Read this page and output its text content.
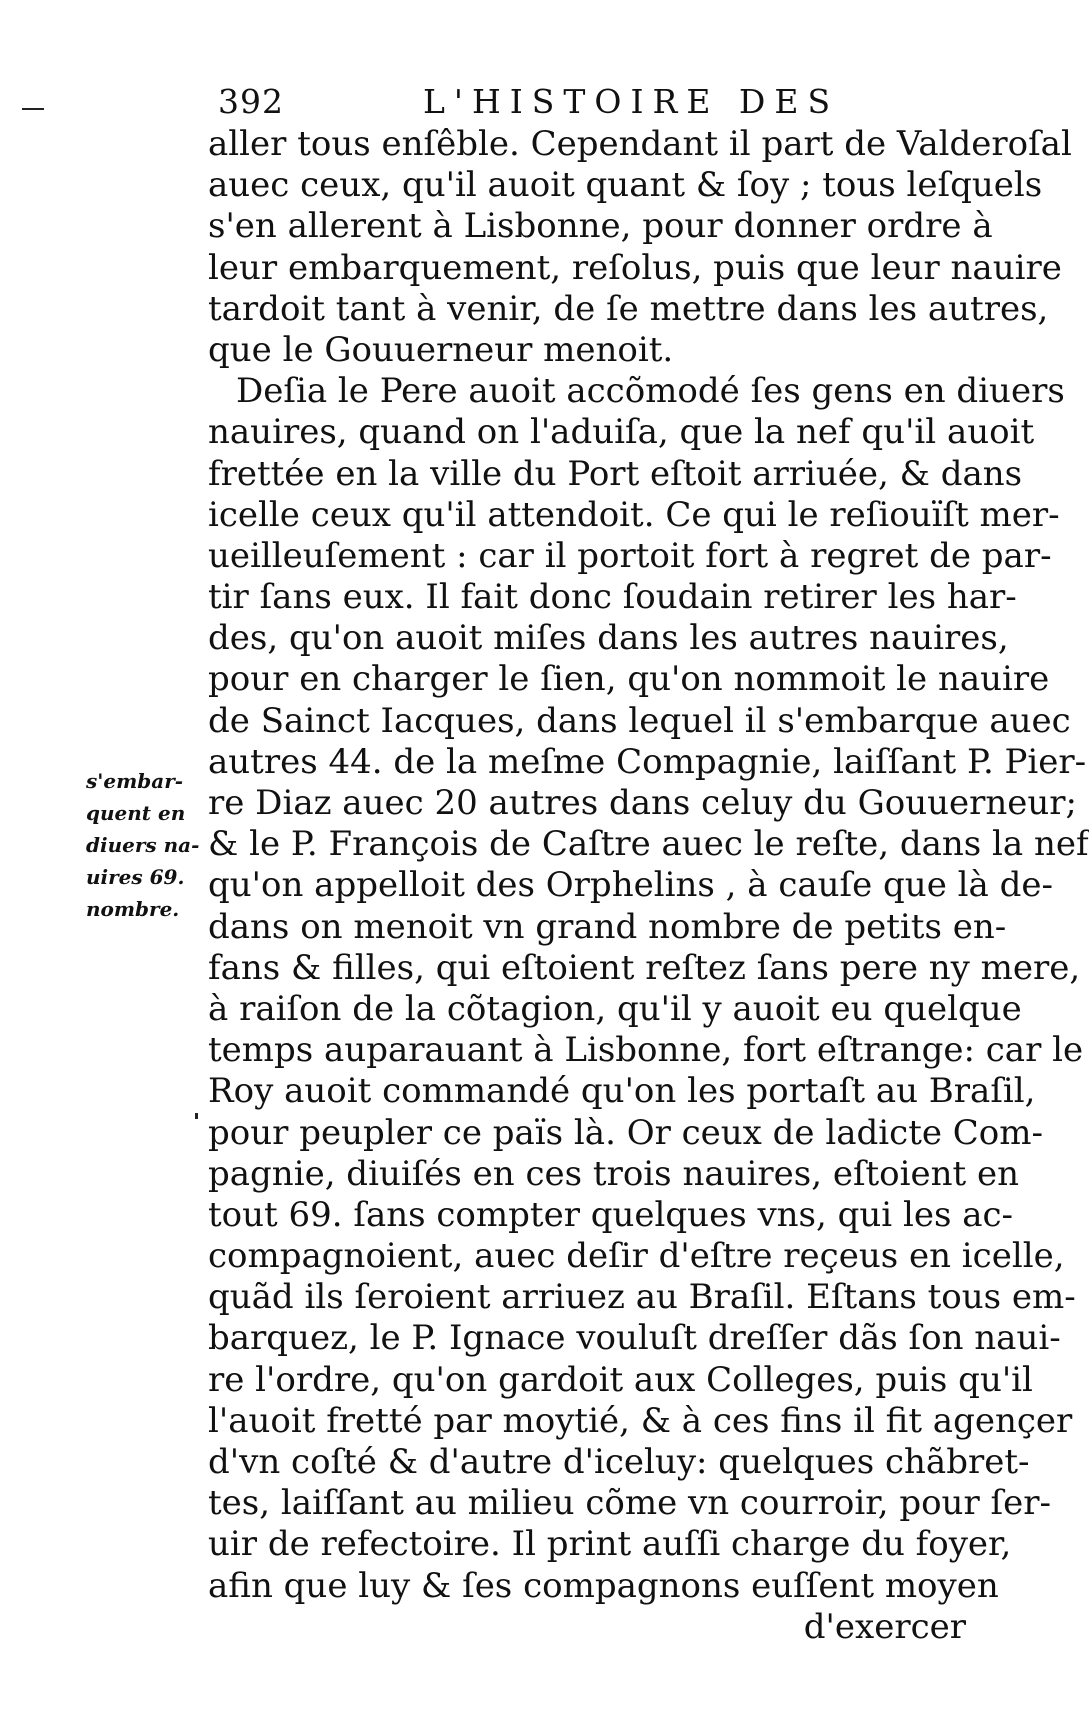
392	L'HISTOIRE DES
s'embar-
quent en
diuers na-
uires 69.
nombre.
aller tous enſêble. Cependant il part de Valderoſal
auec ceux, qu'il auoit quant & ſoy ; tous leſquels
s'en allerent à Lisbonne, pour donner ordre à
leur embarquement, reſolus, puis que leur nauire
tardoit tant à venir, de ſe mettre dans les autres,
que le Gouuerneur menoit.
Deſia le Pere auoit accõmodé ſes gens en diuers
nauires, quand on l'aduiſa, que la nef qu'il auoit
frettée en la ville du Port eſtoit arriuée, & dans
icelle ceux qu'il attendoit. Ce qui le reſiouïſt mer-
ueilleuſement : car il portoit fort à regret de par-
tir ſans eux. Il fait donc ſoudain retirer les har-
des, qu'on auoit miſes dans les autres nauires,
pour en charger le ſien, qu'on nommoit le nauire
de Sainct Iacques, dans lequel il s'embarque auec
autres 44. de la meſme Compagnie, laiſſant P. Pier-
re Diaz auec 20 autres dans celuy du Gouuerneur;
& le P. François de Caſtre auec le reſte, dans la nef
qu'on appelloit des Orphelins , à cauſe que là de-
dans on menoit vn grand nombre de petits en-
fans & filles, qui eſtoient reſtez ſans pere ny mere,
à raiſon de la cõtagion, qu'il y auoit eu quelque
temps auparauant à Lisbonne, fort eſtrange: car le
Roy auoit commandé qu'on les portaſt au Braſil,
pour peupler ce païs là. Or ceux de ladicte Com-
pagnie, diuiſés en ces trois nauires, eſtoient en
tout 69. ſans compter quelques vns, qui les ac-
compagnoient, auec deſir d'eſtre reçeus en icelle,
quãd ils ſeroient arriuez au Braſil. Eſtans tous em-
barquez, le P. Ignace vouluſt dreſſer dãs ſon naui-
re l'ordre, qu'on gardoit aux Colleges, puis qu'il
l'auoit fretté par moytié, & à ces fins il fit agençer
d'vn coſté & d'autre d'iceluy: quelques chãbret-
tes, laiſſant au milieu cõme vn courroir, pour ſer-
uir de refectoire. Il print auſſi charge du foyer,
afin que luy & ſes compagnons euſſent moyen
d'exercer
